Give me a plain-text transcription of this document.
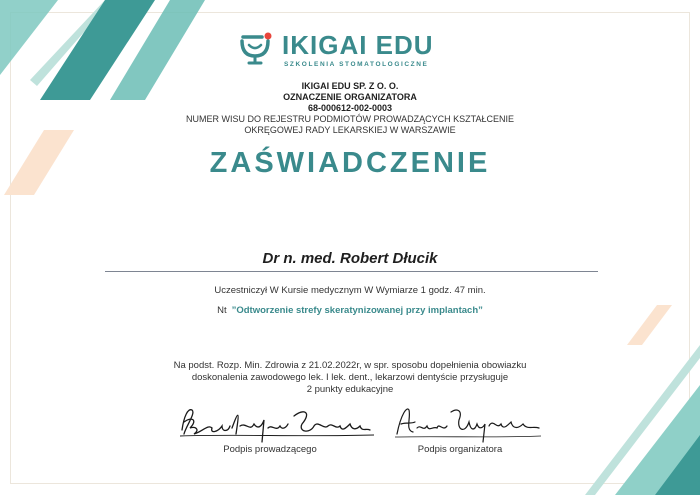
IKIGAI EDU
SZKOLENIA STOMATOLOGICZNE
IKIGAI EDU SP. Z O. O.
OZNACZENIE ORGANIZATORA
68-000612-002-0003
NUMER WISU DO REJESTRU PODMIOTÓW PROWADZĄCYCH KSZTAŁCENIE
OKRĘGOWEJ RADY LEKARSKIEJ W WARSZAWIE
ZAŚWIADCZENIE
Dr n. med. Robert Dłucik
Uczestniczył W Kursie medycznym W Wymiarze 1 godz. 47 min.
Nt ”Odtworzenie strefy skeratynizowanej przy implantach”
Na podst. Rozp. Min. Zdrowia z 21.02.2022r, w spr. sposobu dopełnienia obowiazku
doskonalenia zawodowego lek. I lek. dent., lekarzowi dentyście przysługuje
2 punkty edukacyjne
Podpis prowadzącego	Podpis organizatora
